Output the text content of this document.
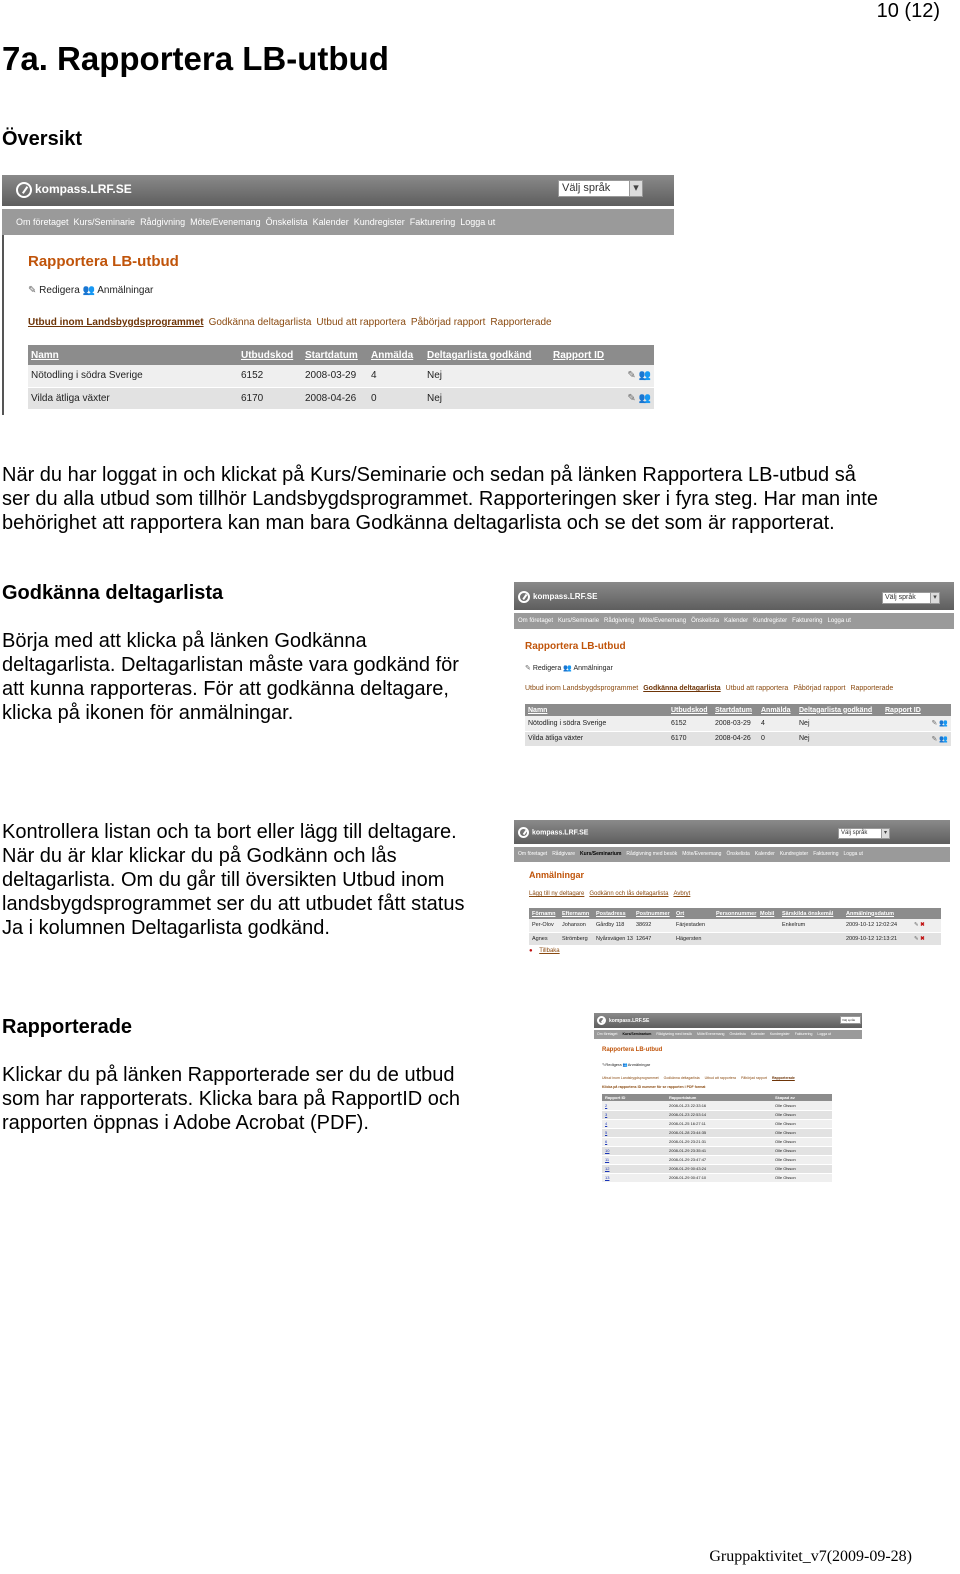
10 (12)
7a. Rapportera LB-utbud
Översikt
kompass.LRF.SE	Välj språk	▾
Om företaget Kurs/Seminarie Rådgivning Möte/Evenemang Önskelista Kalender Kundregister Fakturering Logga ut
Rapportera LB-utbud
✎ Redigera 👥 Anmälningar
Utbud inom Landsbygdsprogrammet Godkänna deltagarlista Utbud att rapportera Påbörjad rapport Rapporterade
Namn	Utbudskod	Startdatum	Anmälda	Deltagarlista godkänd	Rapport ID
Nötodling i södra Sverige	6152	2008-03-29	4	Nej	✎ 👥
Vilda ätliga växter	6170	2008-04-26	0	Nej	✎ 👥
När du har loggat in och klickat på Kurs/Seminarie och sedan på länken Rapportera LB-utbud så
ser du alla utbud som tillhör Landsbygdsprogrammet. Rapporteringen sker i fyra steg. Har man inte
behörighet att rapportera kan man bara Godkänna deltagarlista och se det som är rapporterat.
Godkänna deltagarlista
Börja med att klicka på länken Godkänna
deltagarlista. Deltagarlistan måste vara godkänd för
att kunna rapporteras. För att godkänna deltagare,
klicka på ikonen för anmälningar.
kompass.LRF.SE	Välj språk	▾
Om företaget Kurs/Seminarie Rådgivning Möte/Evenemang Önskelista Kalender Kundregister Fakturering Logga ut
Rapportera LB-utbud
✎ Redigera 👥 Anmälningar
Utbud inom Landsbygdsprogrammet Godkänna deltagarlista Utbud att rapportera Påbörjad rapport Rapporterade
Namn	Utbudskod	Startdatum	Anmälda	Deltagarlista godkänd	Rapport ID
Nötodling i södra Sverige	6152	2008-03-29	4	Nej	✎ 👥
Vilda ätliga växter	6170	2008-04-26	0	Nej	✎ 👥
Kontrollera listan och ta bort eller lägg till deltagare.
När du är klar klickar du på Godkänn och lås
deltagarlista. Om du går till översikten Utbud inom
landsbygdsprogrammet ser du att utbudet fått status
Ja i kolumnen Deltagarlista godkänd.
kompass.LRF.SE	Välj språk	▾
Om företaget Rådgivare Kurs/Seminarium Rådgivning med besök Möte/Evenemang Önskelista Kalender Kundregister Fakturering Logga ut
Anmälningar
Lägg till ny deltagare Godkänn och lås deltagarlista Avbryt
Förnamn	Efternamn	Postadress	Postnummer	Ort	Personnummer	Mobil	Särskilda önskemål	Anmälningsdatum	
Per-Olov	Johanson	Gårdby 118	38692	Färjestaden			Enkelrum	2009-10-12 12:02:24	✎ ✖
Agnes	Strömberg	Nyårsvägen 13	12647	Hägersten				2009-10-12 12:13:21	✎ ✖
● Tillbaka
Rapporterade
Klickar du på länken Rapporterade ser du de utbud
som har rapporterats. Klicka bara på RapportID och
rapporten öppnas i Adobe Acrobat (PDF).
kompass.LRF.SE	Välj språk
Om företaget Kurs/Seminarium Rådgivning med besök Möte/Evenemang Önskelista Kalender Kundregister Fakturering Logga ut
Rapportera LB-utbud
✎Redigera 👥Anmälningar
Utbud inom Landsbygdsprogrammet Godkänna deltagarlista Utbud att rapportera Påbörjad rapport Rapporterade
Klicka på rapportens ID nummer för se rapporten i PDF format
Rapport ID	Rapportdatum	Skapad av
2	2008-01-23 22:33:16	Olle Olsson
3	2008-01-23 22:53:14	Olle Olsson
4	2008-01-25 16:27:11	Olle Olsson
5	2008-01-28 23:44:35	Olle Olsson
6	2008-01-29 23:21:31	Olle Olsson
10	2008-01-29 23:35:41	Olle Olsson
11	2008-01-29 23:47:47	Olle Olsson
12	2008-01-29 00:43:24	Olle Olsson
13	2008-01-29 00:47:10	Olle Olsson
Gruppaktivitet_v7(2009-09-28)
